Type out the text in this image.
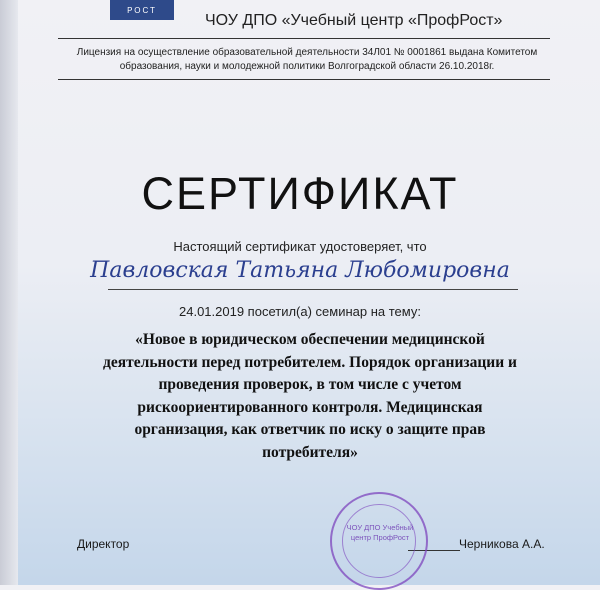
РОСТ
ЧОУ ДПО «Учебный центр «ПрофРост»
Лицензия на осуществление образовательной деятельности 34Л01 № 0001861 выдана Комитетом образования, науки и молодежной политики Волгоградской области 26.10.2018г.
СЕРТИФИКАТ
Настоящий сертификат удостоверяет, что
Павловская Татьяна Любомировна
24.01.2019 посетил(а) семинар на тему:
«Новое в юридическом обеспечении медицинской деятельности перед потребителем. Порядок организации и проведения проверок, в том числе с учетом рискоориентированного контроля. Медицинская организация, как ответчик по иску о защите прав потребителя»
Директор	Черникова А.А.
ЧОУ ДПО Учебный центр ПрофРост
